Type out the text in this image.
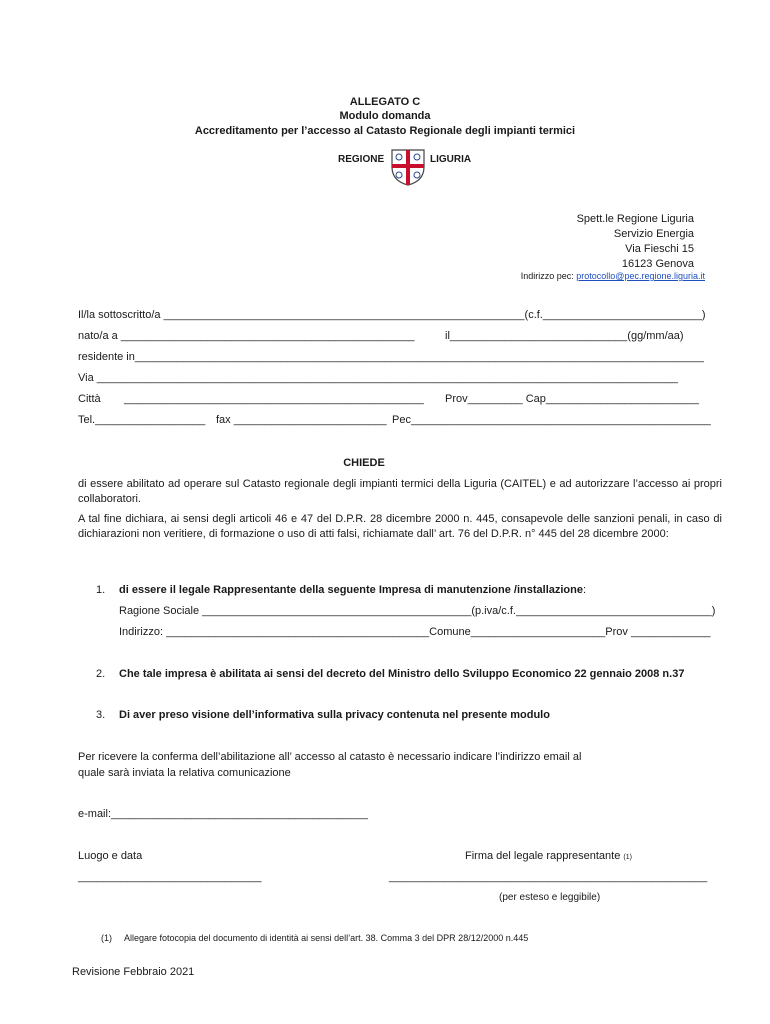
ALLEGATO C
Modulo domanda
Accreditamento per l’accesso al Catasto Regionale degli impianti termici
REGIONE	LIGURIA
Spett.le Regione Liguria
Servizio Energia
Via Fieschi 15
16123 Genova
Indirizzo pec: protocollo@pec.regione.liguria.it
Il/la sottoscritto/a ___________________________________________________________(c.f.__________________________)
nato/a a ________________________________________________	il_____________________________(gg/mm/aa)
residente in_____________________________________________________________________________________________
Via _______________________________________________________________________________________________
Città _________________________________________________ Prov_________ Cap_________________________
Tel.__________________ fax _________________________ Pec_________________________________________________
CHIEDE
di essere abilitato ad operare sul Catasto regionale degli impianti termici della Liguria (CAITEL) e ad autorizzare l’accesso ai propri collaboratori.
A tal fine dichiara, ai sensi degli articoli 46 e 47 del D.P.R. 28 dicembre 2000 n. 445, consapevole delle sanzioni penali, in caso di dichiarazioni non veritiere, di formazione o uso di atti falsi, richiamate dall’ art. 76 del D.P.R. n° 445 del 28 dicembre 2000:
1. di essere il legale Rappresentante della seguente Impresa di manutenzione /installazione:
Ragione Sociale ____________________________________________(p.iva/c.f.________________________________)
Indirizzo: ___________________________________________Comune______________________Prov _____________
2. Che tale impresa è abilitata ai sensi del decreto del Ministro dello Sviluppo Economico 22 gennaio 2008 n.37
3. Di aver preso visione dell’informativa sulla privacy contenuta nel presente modulo
Per ricevere la conferma dell’abilitazione all’ accesso al catasto è necessario indicare l’indirizzo email al
quale sarà inviata la relativa comunicazione
e-mail:__________________________________________
Luogo e data	Firma del legale rappresentante (1)
______________________________	____________________________________________________
(per esteso e leggibile)
(1) Allegare fotocopia del documento di identità ai sensi dell’art. 38. Comma 3 del DPR 28/12/2000 n.445
Revisione Febbraio 2021
